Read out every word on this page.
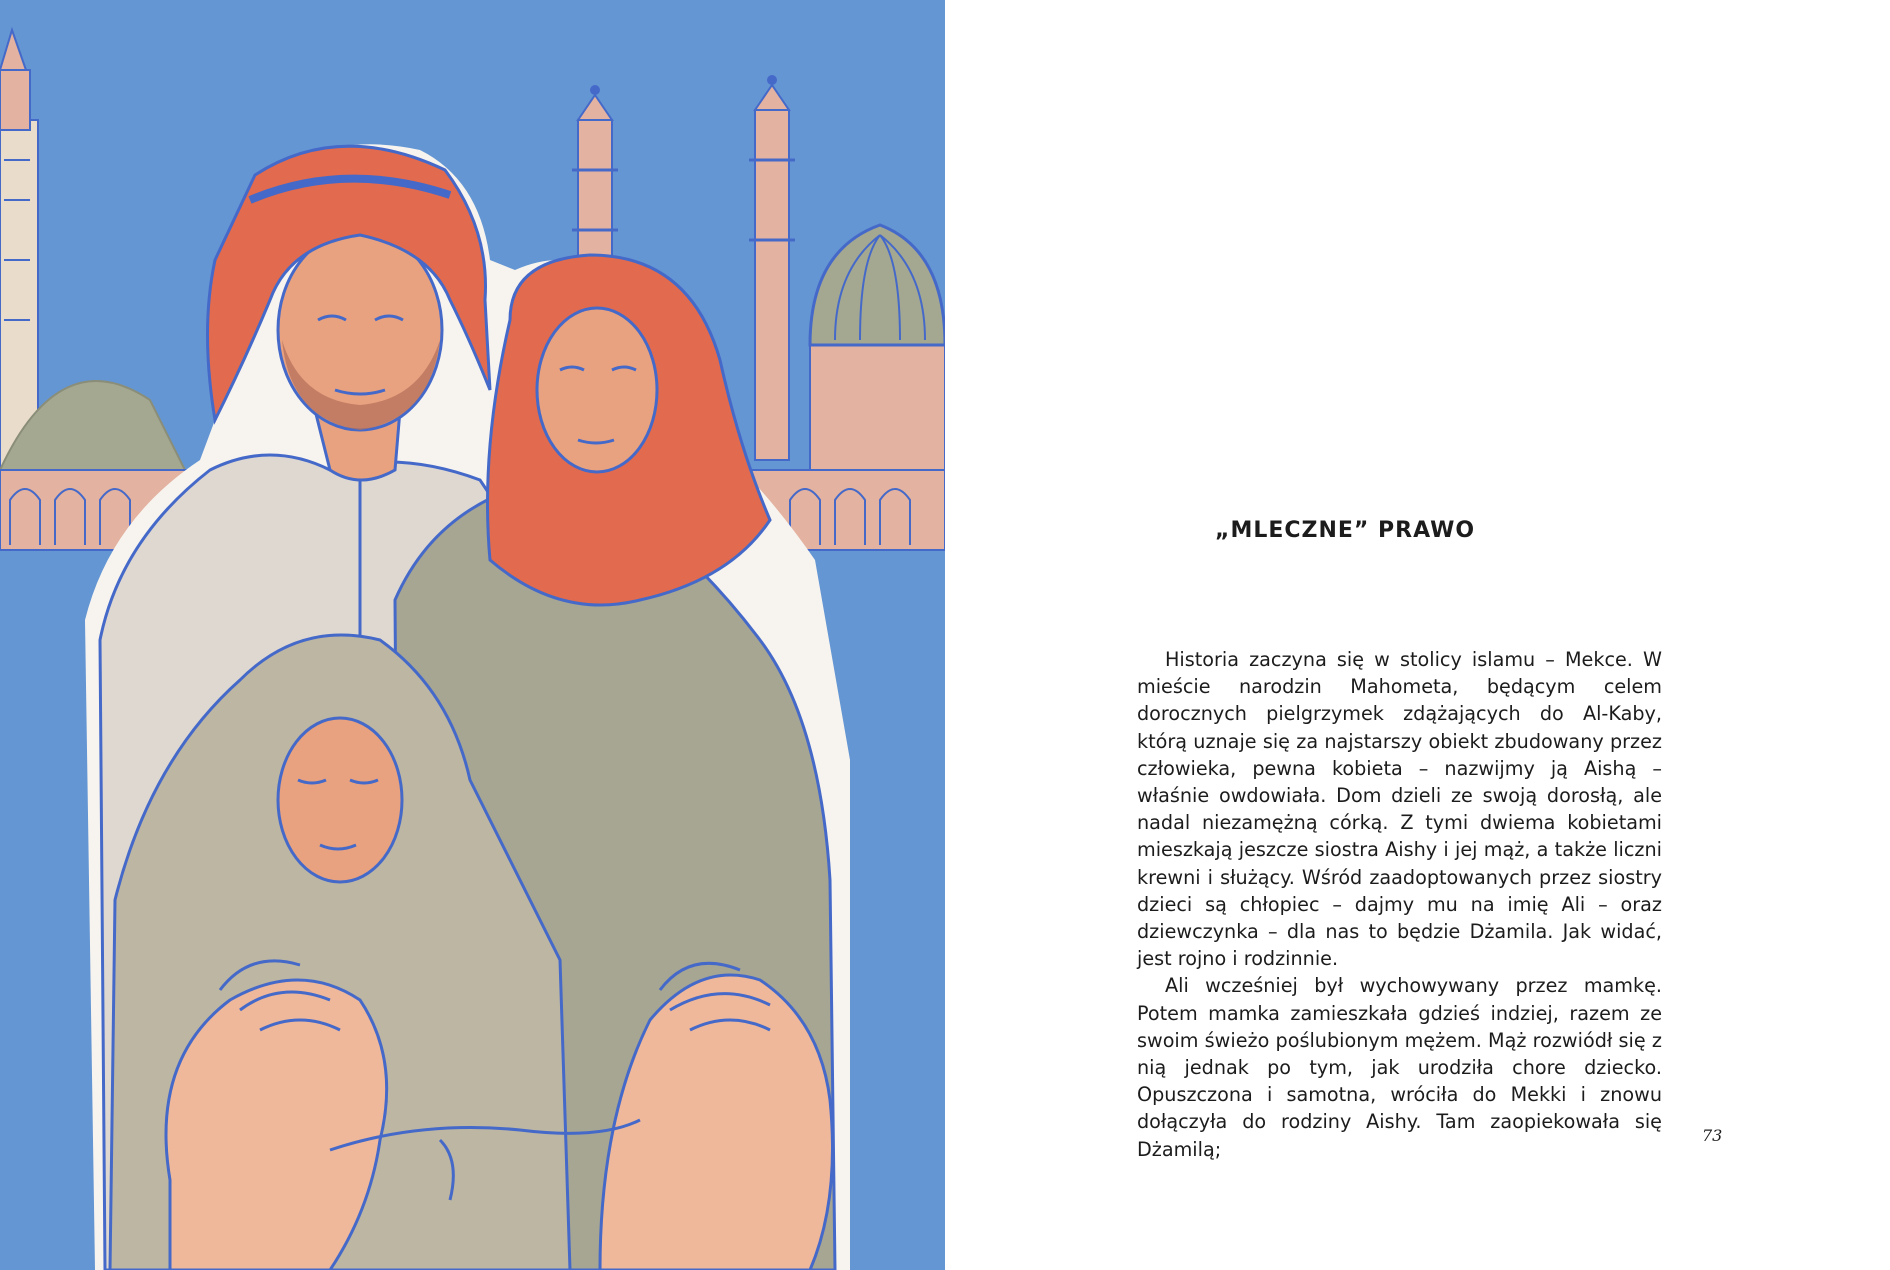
„MLECZNE” PRAWO

Historia zaczyna się w stolicy islamu – Mekce. W mieście narodzin Mahometa, będącym celem dorocznych pielgrzymek zdążających do Al-Kaby, którą uznaje się za najstarszy obiekt zbudowany przez człowieka, pewna kobieta – nazwijmy ją Aishą – właśnie owdowiała. Dom dzieli ze swoją dorosłą, ale nadal niezamężną córką. Z tymi dwiema kobietami mieszkają jeszcze siostra Aishy i jej mąż, a także liczni krewni i służący. Wśród zaadoptowanych przez siostry dzieci są chłopiec – dajmy mu na imię Ali – oraz dziewczynka – dla nas to będzie Dżamila. Jak widać, jest rojno i rodzinnie.

Ali wcześniej był wychowywany przez mamkę. Potem mamka zamieszkała gdzieś indziej, razem ze swoim świeżo poślubionym mężem. Mąż rozwiódł się z nią jednak po tym, jak urodziła chore dziecko. Opuszczona i samotna, wróciła do Mekki i znowu dołączyła do rodziny Aishy. Tam zaopiekowała się Dżamilą;

73
